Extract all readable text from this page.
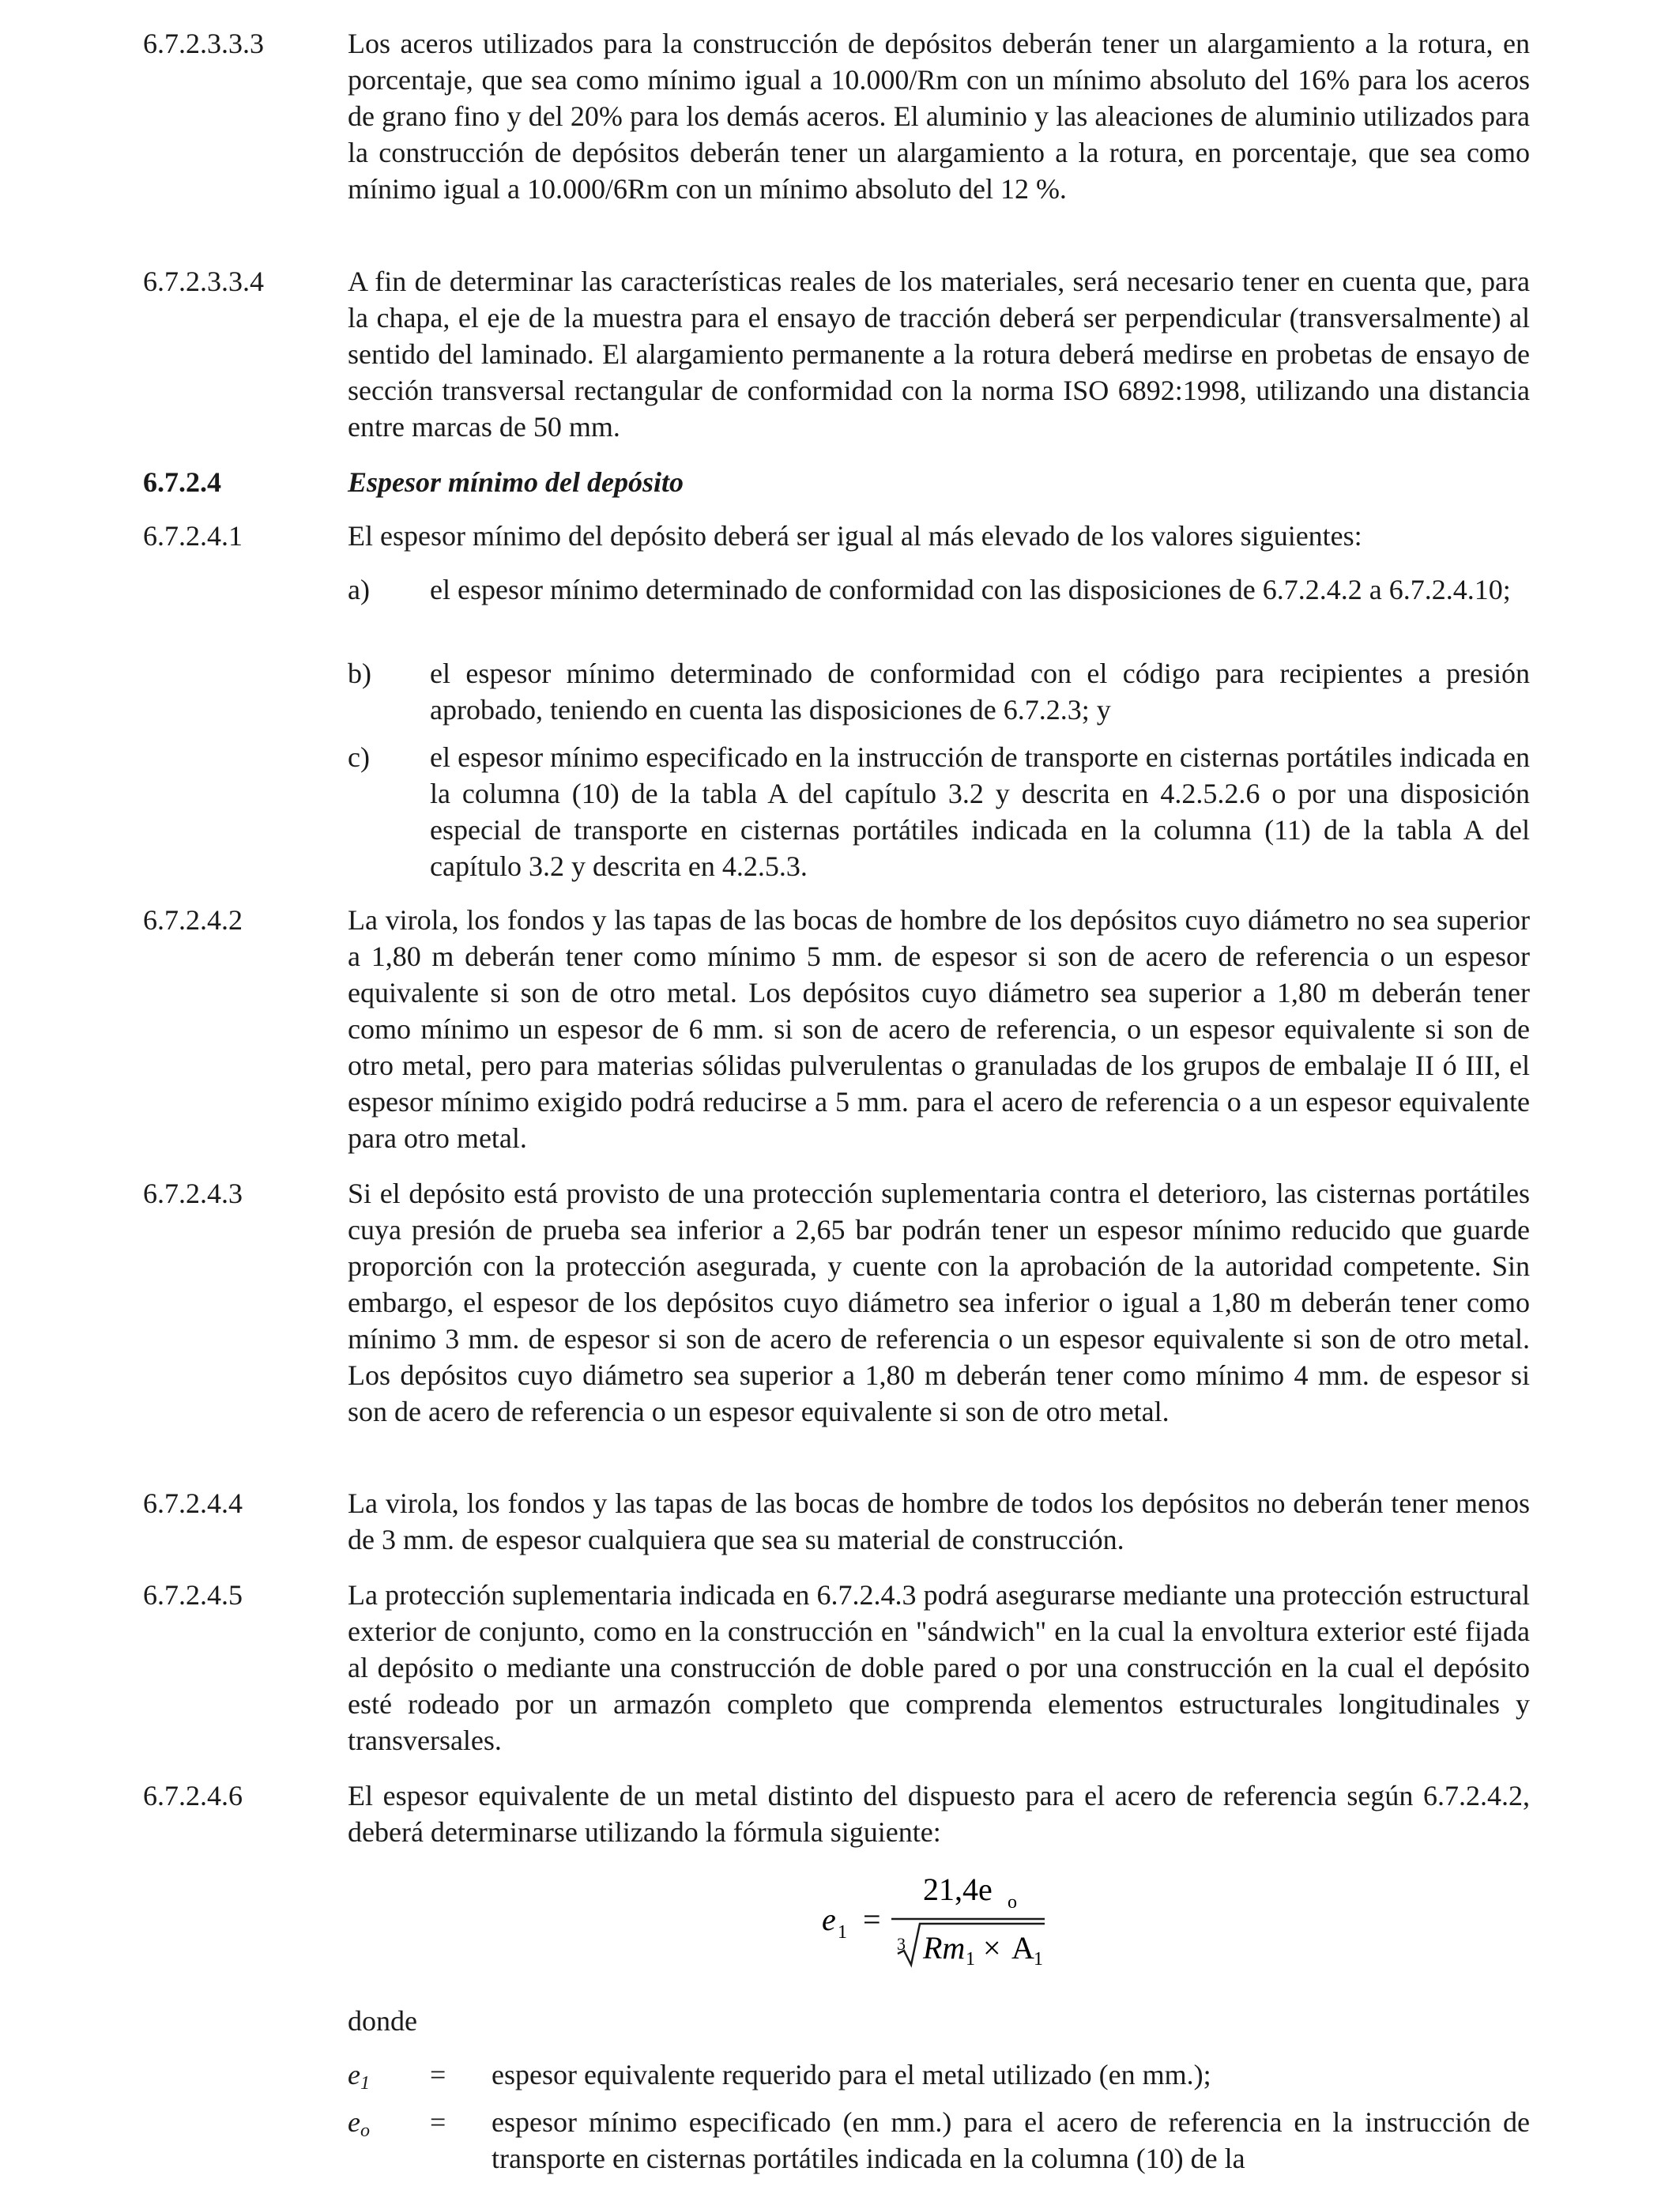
6.7.2.3.3.3	Los aceros utilizados para la construcción de depósitos deberán tener un alargamiento a la rotura, en porcentaje, que sea como mínimo igual a 10.000/Rm con un mínimo absoluto del 16% para los aceros de grano fino y del 20% para los demás aceros. El aluminio y las aleaciones de aluminio utilizados para la construcción de depósitos deberán tener un alargamiento a la rotura, en porcentaje, que sea como mínimo igual a 10.000/6Rm con un mínimo absoluto del 12 %.
6.7.2.3.3.4	A fin de determinar las características reales de los materiales, será necesario tener en cuenta que, para la chapa, el eje de la muestra para el ensayo de tracción deberá ser perpendicular (transversalmente) al sentido del laminado. El alargamiento permanente a la rotura deberá medirse en probetas de ensayo de sección transversal rectangular de conformidad con la norma ISO 6892:1998, utilizando una distancia entre marcas de 50 mm.
6.7.2.4	Espesor mínimo del depósito
6.7.2.4.1	El espesor mínimo del depósito deberá ser igual al más elevado de los valores siguientes:
a) el espesor mínimo determinado de conformidad con las disposiciones de 6.7.2.4.2 a 6.7.2.4.10;
b) el espesor mínimo determinado de conformidad con el código para recipientes a presión aprobado, teniendo en cuenta las disposiciones de 6.7.2.3; y
c) el espesor mínimo especificado en la instrucción de transporte en cisternas portátiles indicada en la columna (10) de la tabla A del capítulo 3.2 y descrita en 4.2.5.2.6 o por una disposición especial de transporte en cisternas portátiles indicada en la columna (11) de la tabla A del capítulo 3.2 y descrita en 4.2.5.3.
6.7.2.4.2	La virola, los fondos y las tapas de las bocas de hombre de los depósitos cuyo diámetro no sea superior a 1,80 m deberán tener como mínimo 5 mm. de espesor si son de acero de referencia o un espesor equivalente si son de otro metal. Los depósitos cuyo diámetro sea superior a 1,80 m deberán tener como mínimo un espesor de 6 mm. si son de acero de referencia, o un espesor equivalente si son de otro metal, pero para materias sólidas pulverulentas o granuladas de los grupos de embalaje II ó III, el espesor mínimo exigido podrá reducirse a 5 mm. para el acero de referencia o a un espesor equivalente para otro metal.
6.7.2.4.3	Si el depósito está provisto de una protección suplementaria contra el deterioro, las cisternas portátiles cuya presión de prueba sea inferior a 2,65 bar podrán tener un espesor mínimo reducido que guarde proporción con la protección asegurada, y cuente con la aprobación de la autoridad competente. Sin embargo, el espesor de los depósitos cuyo diámetro sea inferior o igual a 1,80 m deberán tener como mínimo 3 mm. de espesor si son de acero de referencia o un espesor equivalente si son de otro metal. Los depósitos cuyo diámetro sea superior a 1,80 m deberán tener como mínimo 4 mm. de espesor si son de acero de referencia o un espesor equivalente si son de otro metal.
6.7.2.4.4	La virola, los fondos y las tapas de las bocas de hombre de todos los depósitos no deberán tener menos de 3 mm. de espesor cualquiera que sea su material de construcción.
6.7.2.4.5	La protección suplementaria indicada en 6.7.2.4.3 podrá asegurarse mediante una protección estructural exterior de conjunto, como en la construcción en "sándwich" en la cual la envoltura exterior esté fijada al depósito o mediante una construcción de doble pared o por una construcción en la cual el depósito esté rodeado por un armazón completo que comprenda elementos estructurales longitudinales y transversales.
6.7.2.4.6	El espesor equivalente de un metal distinto del dispuesto para el acero de referencia según 6.7.2.4.2, deberá determinarse utilizando la fórmula siguiente:
e 1 =
21,4e o
3 Rm 1 × A 1
donde
$e_1$ = espesor equivalente requerido para el metal utilizado (en mm.);
$e_o$ = espesor mínimo especificado (en mm.) para el acero de referencia en la instrucción de transporte en cisternas portátiles indicada en la columna (10) de la
